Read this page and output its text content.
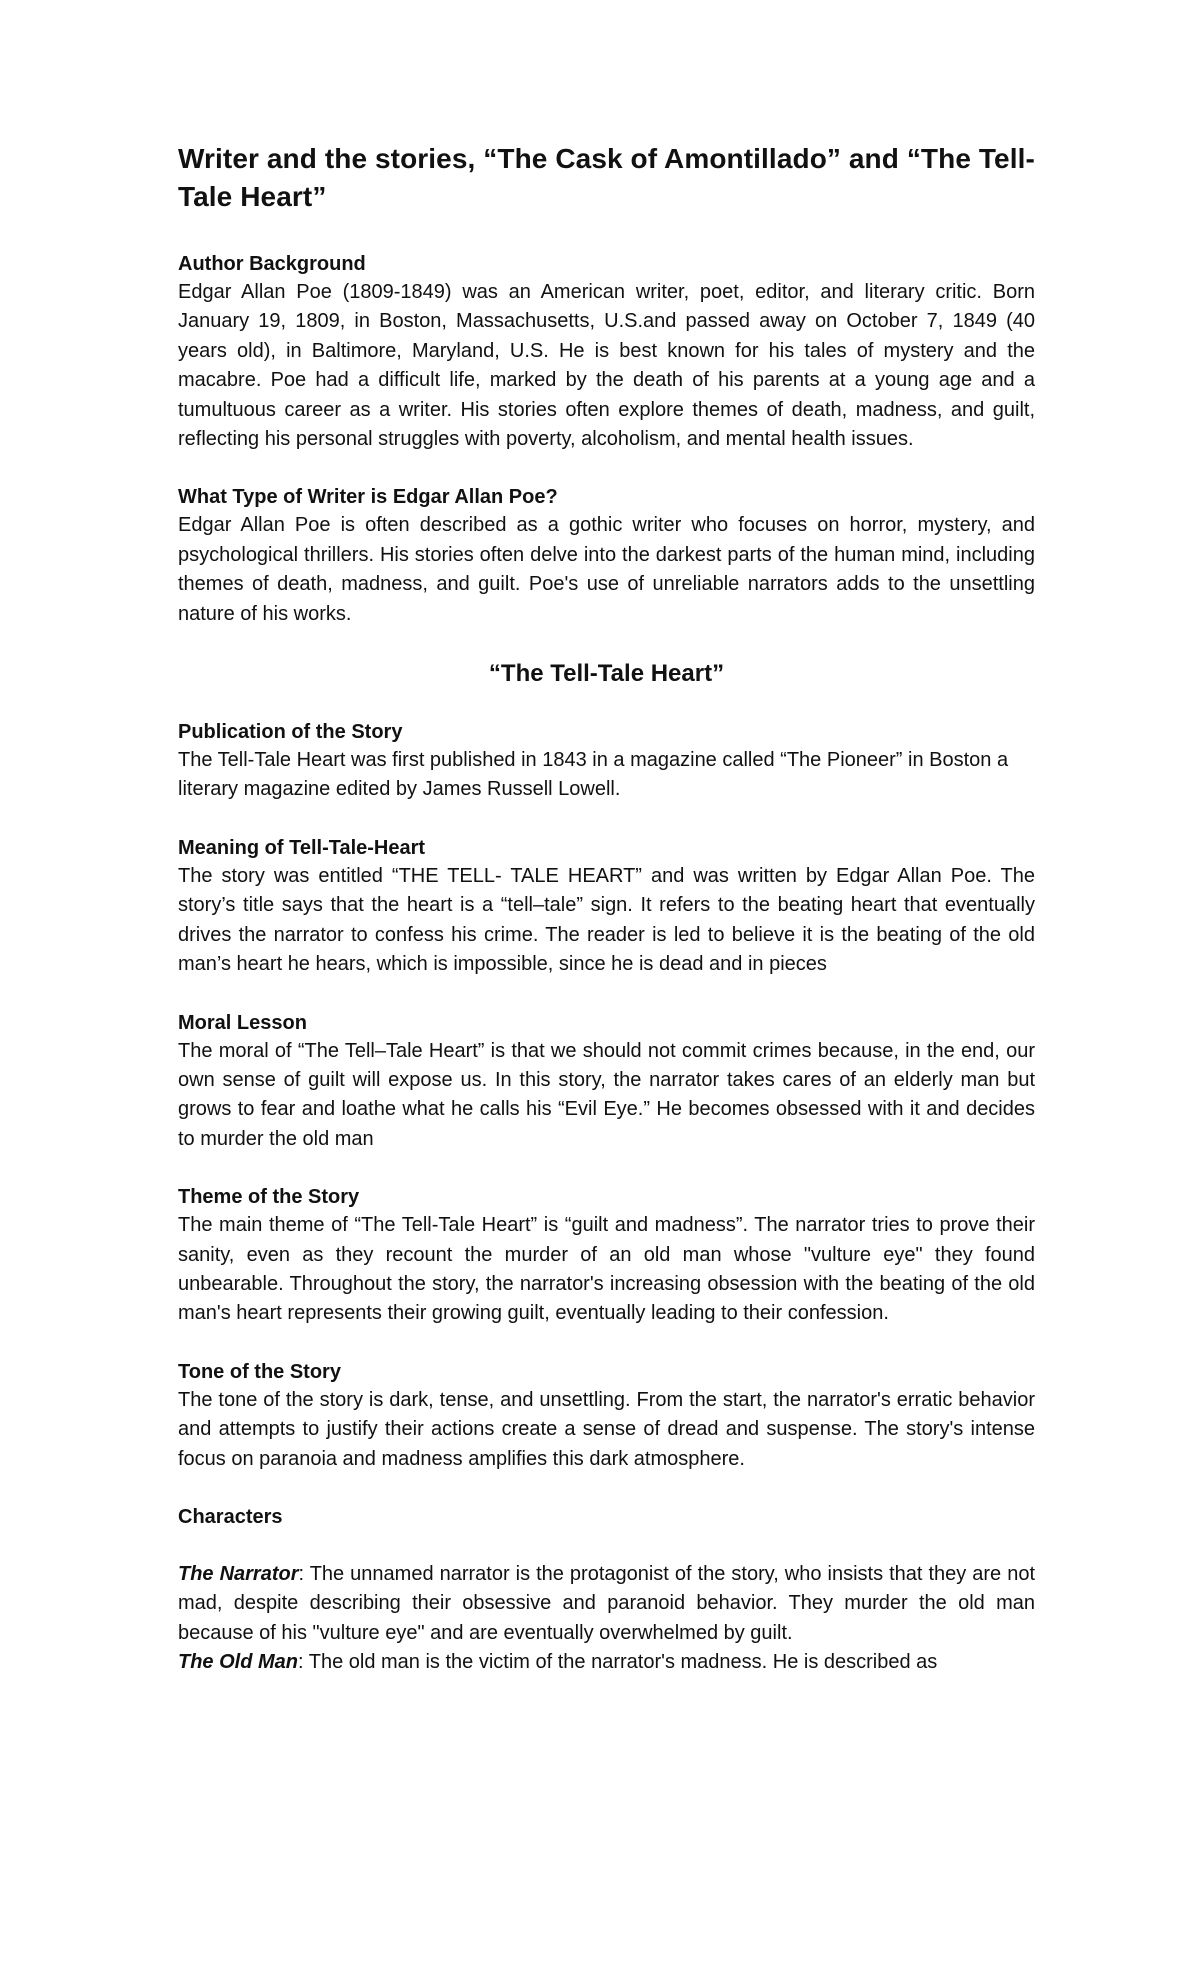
Writer and the stories, “The Cask of Amontillado” and “The Tell-Tale Heart”
Author Background

Edgar Allan Poe (1809-1849) was an American writer, poet, editor, and literary critic. Born January 19, 1809, in Boston, Massachusetts, U.S.and passed away on October 7, 1849 (40 years old), in Baltimore, Maryland, U.S. He is best known for his tales of mystery and the macabre. Poe had a difficult life, marked by the death of his parents at a young age and a tumultuous career as a writer. His stories often explore themes of death, madness, and guilt, reflecting his personal struggles with poverty, alcoholism, and mental health issues.

What Type of Writer is Edgar Allan Poe?

Edgar Allan Poe is often described as a gothic writer who focuses on horror, mystery, and psychological thrillers. His stories often delve into the darkest parts of the human mind, including themes of death, madness, and guilt. Poe's use of unreliable narrators adds to the unsettling nature of his works.

“The Tell-Tale Heart”
Publication of the Story

The Tell-Tale Heart was first published in 1843 in a magazine called “The Pioneer” in Boston a literary magazine edited by James Russell Lowell.

Meaning of Tell-Tale-Heart

The story was entitled “THE TELL- TALE HEART” and was written by Edgar Allan Poe. The story’s title says that the heart is a “tell–tale” sign. It refers to the beating heart that eventually drives the narrator to confess his crime. The reader is led to believe it is the beating of the old man’s heart he hears, which is impossible, since he is dead and in pieces

Moral Lesson

The moral of “The Tell–Tale Heart” is that we should not commit crimes because, in the end, our own sense of guilt will expose us. In this story, the narrator takes cares of an elderly man but grows to fear and loathe what he calls his “Evil Eye.” He becomes obsessed with it and decides to murder the old man

Theme of the Story

The main theme of “The Tell-Tale Heart” is “guilt and madness”. The narrator tries to prove their sanity, even as they recount the murder of an old man whose "vulture eye" they found unbearable. Throughout the story, the narrator's increasing obsession with the beating of the old man's heart represents their growing guilt, eventually leading to their confession.

Tone of the Story

The tone of the story is dark, tense, and unsettling. From the start, the narrator's erratic behavior and attempts to justify their actions create a sense of dread and suspense. The story's intense focus on paranoia and madness amplifies this dark atmosphere.

Characters

The Narrator: The unnamed narrator is the protagonist of the story, who insists that they are not mad, despite describing their obsessive and paranoid behavior. They murder the old man because of his "vulture eye" and are eventually overwhelmed by guilt.

The Old Man: The old man is the victim of the narrator's madness. He is described as
